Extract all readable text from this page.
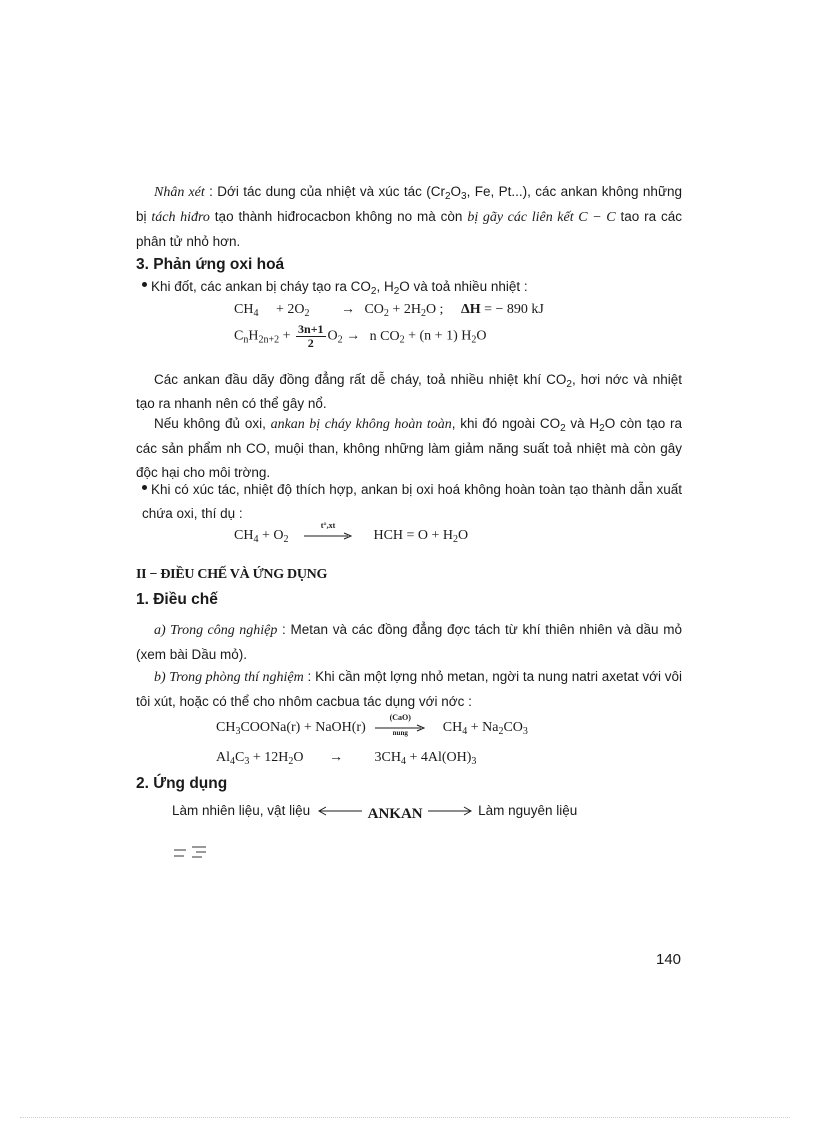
Nhân xét : Dới tác dung của nhiệt và xúc tác ($Cr_2O_3$, Fe, Pt...), các ankan không những bị tách hiđro tạo thành hiđrocacbon không no mà còn bị gãy các liên kết C − C tao ra các phân tử nhỏ hơn.
3. Phản ứng oxi hoá
Khi đốt, các ankan bị cháy tạo ra $CO_2$, $H_2O$ và toả nhiều nhiệt :
$CH_4 + 2O_2 \to CO_2 + 2H_2O$ ; ΔH = − 890 kJ
$C_nH_{2n+2} + \frac{3n+1}{2} O_2 \to n$ $CO_2 + (n + 1)$ $H_2O$
Các ankan đầu dãy đồng đẳng rất dễ cháy, toả nhiều nhiệt khí $CO_2$, hơi nớc và nhiệt tạo ra nhanh nên có thể gây nổ.
Nếu không đủ oxi, ankan bị cháy không hoàn toàn, khi đó ngoài $CO_2$ và $H_2O$ còn tạo ra các sản phẩm nh CO, muội than, không những làm giảm năng suất toả nhiệt mà còn gây độc hại cho môi trờng.
Khi có xúc tác, nhiệt độ thích hợp, ankan bị oxi hoá không hoàn toàn tạo thành dẫn xuất chứa oxi, thí dụ :
$CH_4 + O_2$
t°,xt
HCH = $O + H_2O$
II − ĐIỀU CHẾ VÀ ỨNG DỤNG
1. Điều chế
a) Trong công nghiệp : Metan và các đồng đẳng đợc tách từ khí thiên nhiên và dầu mỏ (xem bài Dầu mỏ).
b) Trong phòng thí nghiệm : Khi cần một lợng nhỏ metan, ngời ta nung natri axetat với vôi tôi xút, hoặc có thể cho nhôm cacbua tác dụng với nớc :
$CH_3COONa(r)$ + NaOH(r)
(CaO)
nung	$CH_4 + Na_2CO_3$
$Al_4C_3 + 12H_2O \to 3CH_4 + 4Al(OH)_3$
2. Ứng dụng
Làm nhiên liệu, vật liệu	ANKAN	Làm nguyên liệu
140
